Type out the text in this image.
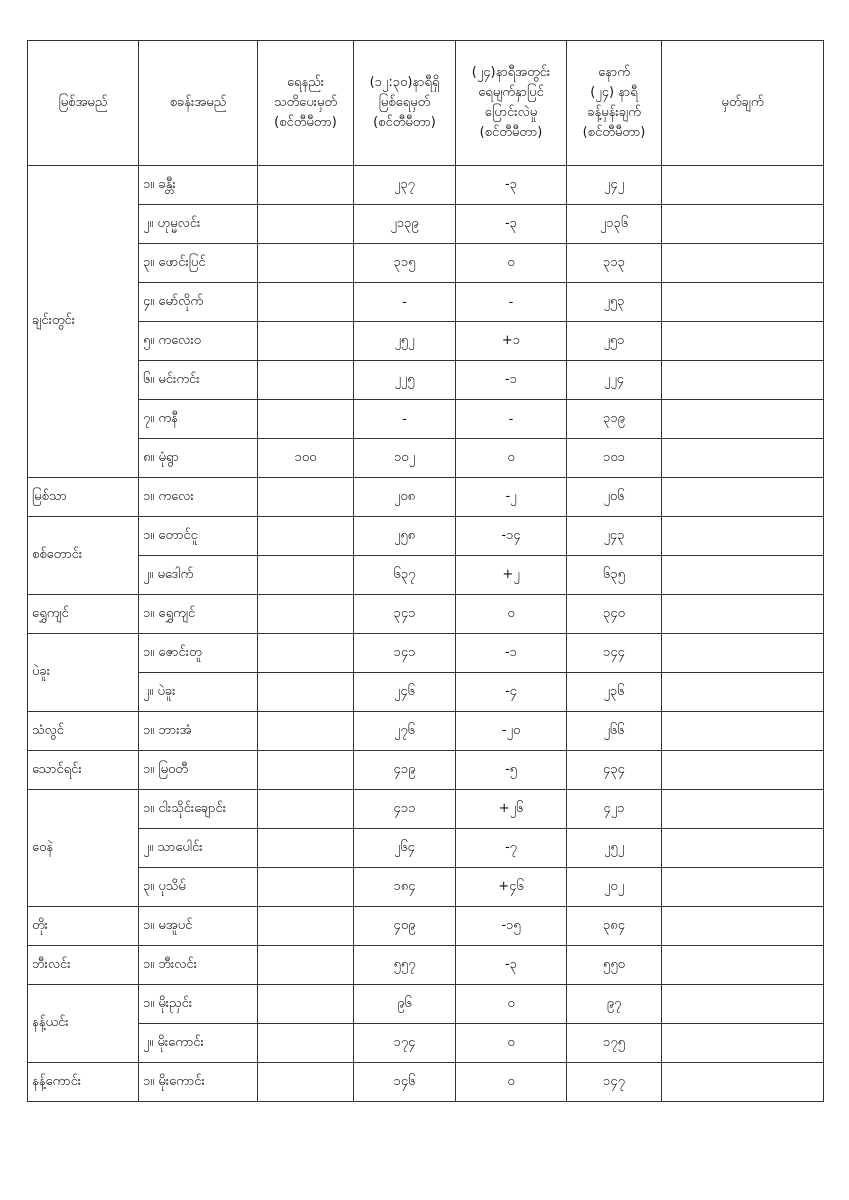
မြစ်အမည်	စခန်းအမည်	ရေနည်း
သတိပေးမှတ်
(စင်တီမီတာ)	(၁၂:၃၀)နာရီရှိ
မြစ်ရေမှတ်
(စင်တီမီတာ)	(၂၄)နာရီအတွင်း
ရေမျက်နှာပြင်
ပြောင်းလဲမှု
(စင်တီမီတာ)	နောက်
(၂၄) နာရီ
ခန့်မှန်းချက်
(စင်တီမီတာ)	မှတ်ချက်
ချင်းတွင်း	၁။ ခန္တီး		၂၃၇	-၃	၂၄၂	
	၂။ ဟုမ္မလင်း		၂၁၃၉	-၃	၂၁၃၆	
	၃။ ဖောင်းပြင်		၃၁၅	၀	၃၁၃	
	၄။ မော်လိုက်		-	-	၂၅၃	
	၅။ ကလေးဝ		၂၅၂	+၁	၂၅၁	
	၆။ မင်းကင်း		၂၂၅	-၁	၂၂၄	
	၇။ ကနီ		-	-	၃၁၉	
	၈။ မုံရွာ	၁၀၀	၁၀၂	၀	၁၀၁	
မြစ်သာ	၁။ ကလေး		၂၀၈	-၂	၂၀၆	
စစ်တောင်း	၁။ တောင်ငူ		၂၅၈	-၁၄	၂၄၃	
	၂။ မဒေါက်		၆၃၇	+၂	၆၃၅	
ရွှေကျင်	၁။ ရွှေကျင်		၃၄၁	၀	၃၄၀	
ပဲခူး	၁။ ဇောင်းတူ		၁၄၁	-၁	၁၄၄	
	၂။ ပဲခူး		၂၄၆	-၄	၂၃၆	
သံလွင်	၁။ ဘားအံ		၂၇၆	-၂၀	၂၆၆	
သောင်ရင်း	၁။ မြဝတီ		၄၁၉	-၅	၄၃၄	
ဝေနဲ	၁။ ငါးသိုင်းချောင်း		၄၁၁	+၂၆	၄၂၁	
	၂။ သာပေါင်း		၂၆၄	-၇	၂၅၂	
	၃။ ပုသိမ်		၁၈၄	+၄၆	၂၀၂	
တိုး	၁။ မအူပင်		၄၀၉	-၁၅	၃၈၄	
ဘီးလင်း	၁။ ဘီးလင်း		၅၅၇	-၃	၅၅၀	
နန့်ယင်း	၁။ မိုးညှင်း		၉၆	၀	၉၇	
	၂။ မိုးကောင်း		၁၇၄	၀	၁၇၅	
နန့်ကောင်း	၁။ မိုးကောင်း		၁၄၆	၀	၁၄၇	
